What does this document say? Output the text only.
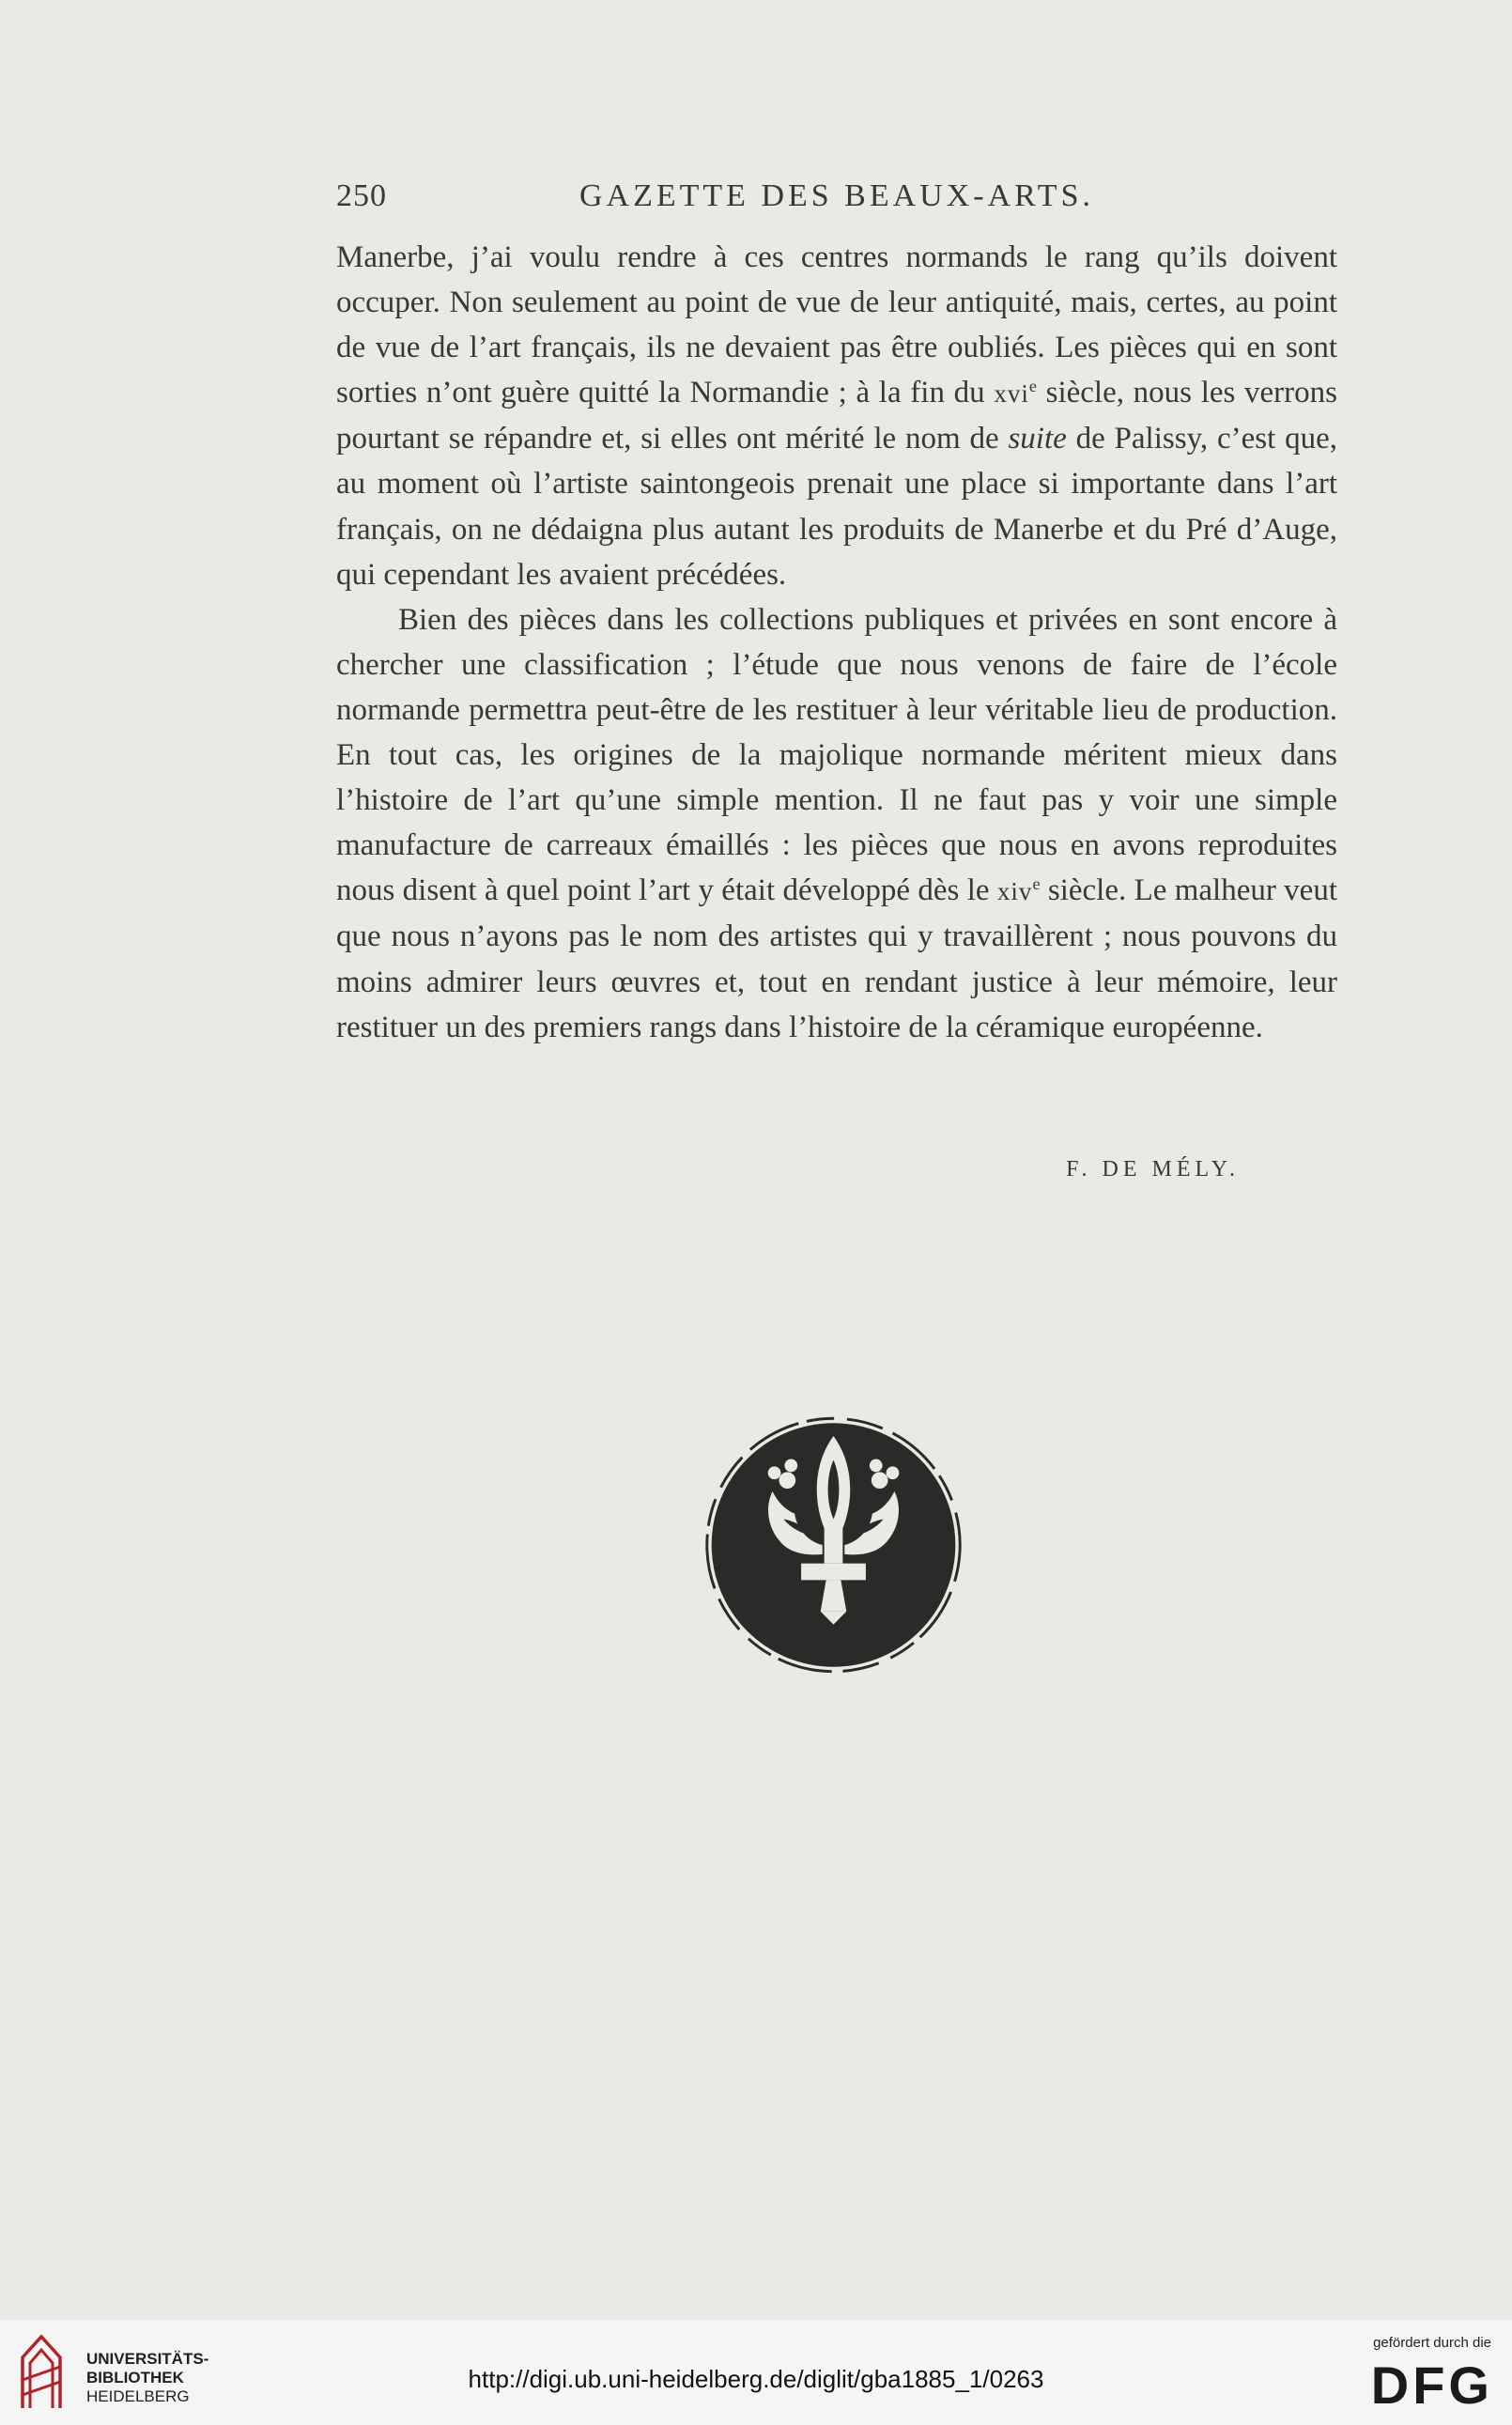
250	GAZETTE DES BEAUX-ARTS.

Manerbe, j’ai voulu rendre à ces centres normands le rang qu’ils doivent occuper. Non seulement au point de vue de leur antiquité, mais, certes, au point de vue de l’art français, ils ne devaient pas être oubliés. Les pièces qui en sont sorties n’ont guère quitté la Normandie ; à la fin du xvi$^e$ siècle, nous les verrons pourtant se répandre et, si elles ont mérité le nom de suite de Palissy, c’est que, au moment où l’artiste saintongeois prenait une place si importante dans l’art français, on ne dédaigna plus autant les produits de Manerbe et du Pré d’Auge, qui cependant les avaient précédées.

Bien des pièces dans les collections publiques et privées en sont encore à chercher une classification ; l’étude que nous venons de faire de l’école normande permettra peut-être de les restituer à leur véritable lieu de production. En tout cas, les origines de la majolique normande méritent mieux dans l’histoire de l’art qu’une simple mention. Il ne faut pas y voir une simple manufacture de carreaux émaillés : les pièces que nous en avons reproduites nous disent à quel point l’art y était développé dès le xiv$^e$ siècle. Le malheur veut que nous n’ayons pas le nom des artistes qui y travaillèrent ; nous pouvons du moins admirer leurs œuvres et, tout en rendant justice à leur mémoire, leur restituer un des premiers rangs dans l’histoire de la céramique européenne.

F. DE MÉLY.
UNIVERSITÄTS-
BIBLIOTHEK
HEIDELBERG
http://digi.ub.uni-heidelberg.de/diglit/gba1885_1/0263
gefördert durch die
DFG
